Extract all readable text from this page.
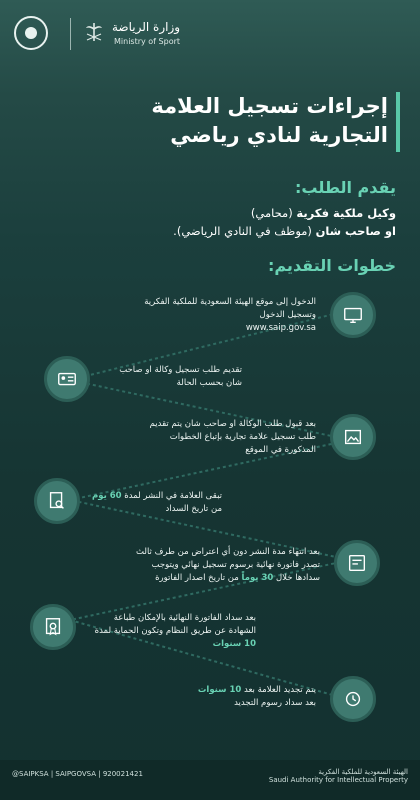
وزارة الرياضة
Ministry of Sport
إجراءات تسجيل العلامة التجارية لنادي رياضي
يقدم الطلب:
وكيل ملكية فكرية (محامي)
او صاحب شان (موظف في النادي الرياضي).
خطوات التقديم:
الدخول إلى موقع الهيئة السعودية للملكية الفكرية وتسجيل الدخول
www.saip.gov.sa
تقديم طلب تسجيل وكالة او صاحب شان بحسب الحالة
بعد قبول طلب الوكالة او صاحب شان يتم تقديم طلب تسجيل علامة تجارية بإتباع الخطوات المذكورة في الموقع
تبقى العلامة في النشر لمدة 60 يوم من تاريخ السداد
بعد انتهاء مدة النشر دون أي اعتراض من طرف ثالث تصدر فاتورة نهائية برسوم تسجيل نهائي ويتوجب سدادها خلال 30 يوماً من تاريخ اصدار الفاتورة
بعد سداد الفاتورة النهائية بالإمكان طباعة الشهادة عن طريق النظام وتكون الحماية لمدة 10 سنوات
يتم تجديد العلامة بعد 10 سنوات بعد سداد رسوم التجديد
@SAIPKSA | SAIPGOVSA | 920021421	الهيئة السعودية للملكية الفكرية
Saudi Authority for Intellectual Property
